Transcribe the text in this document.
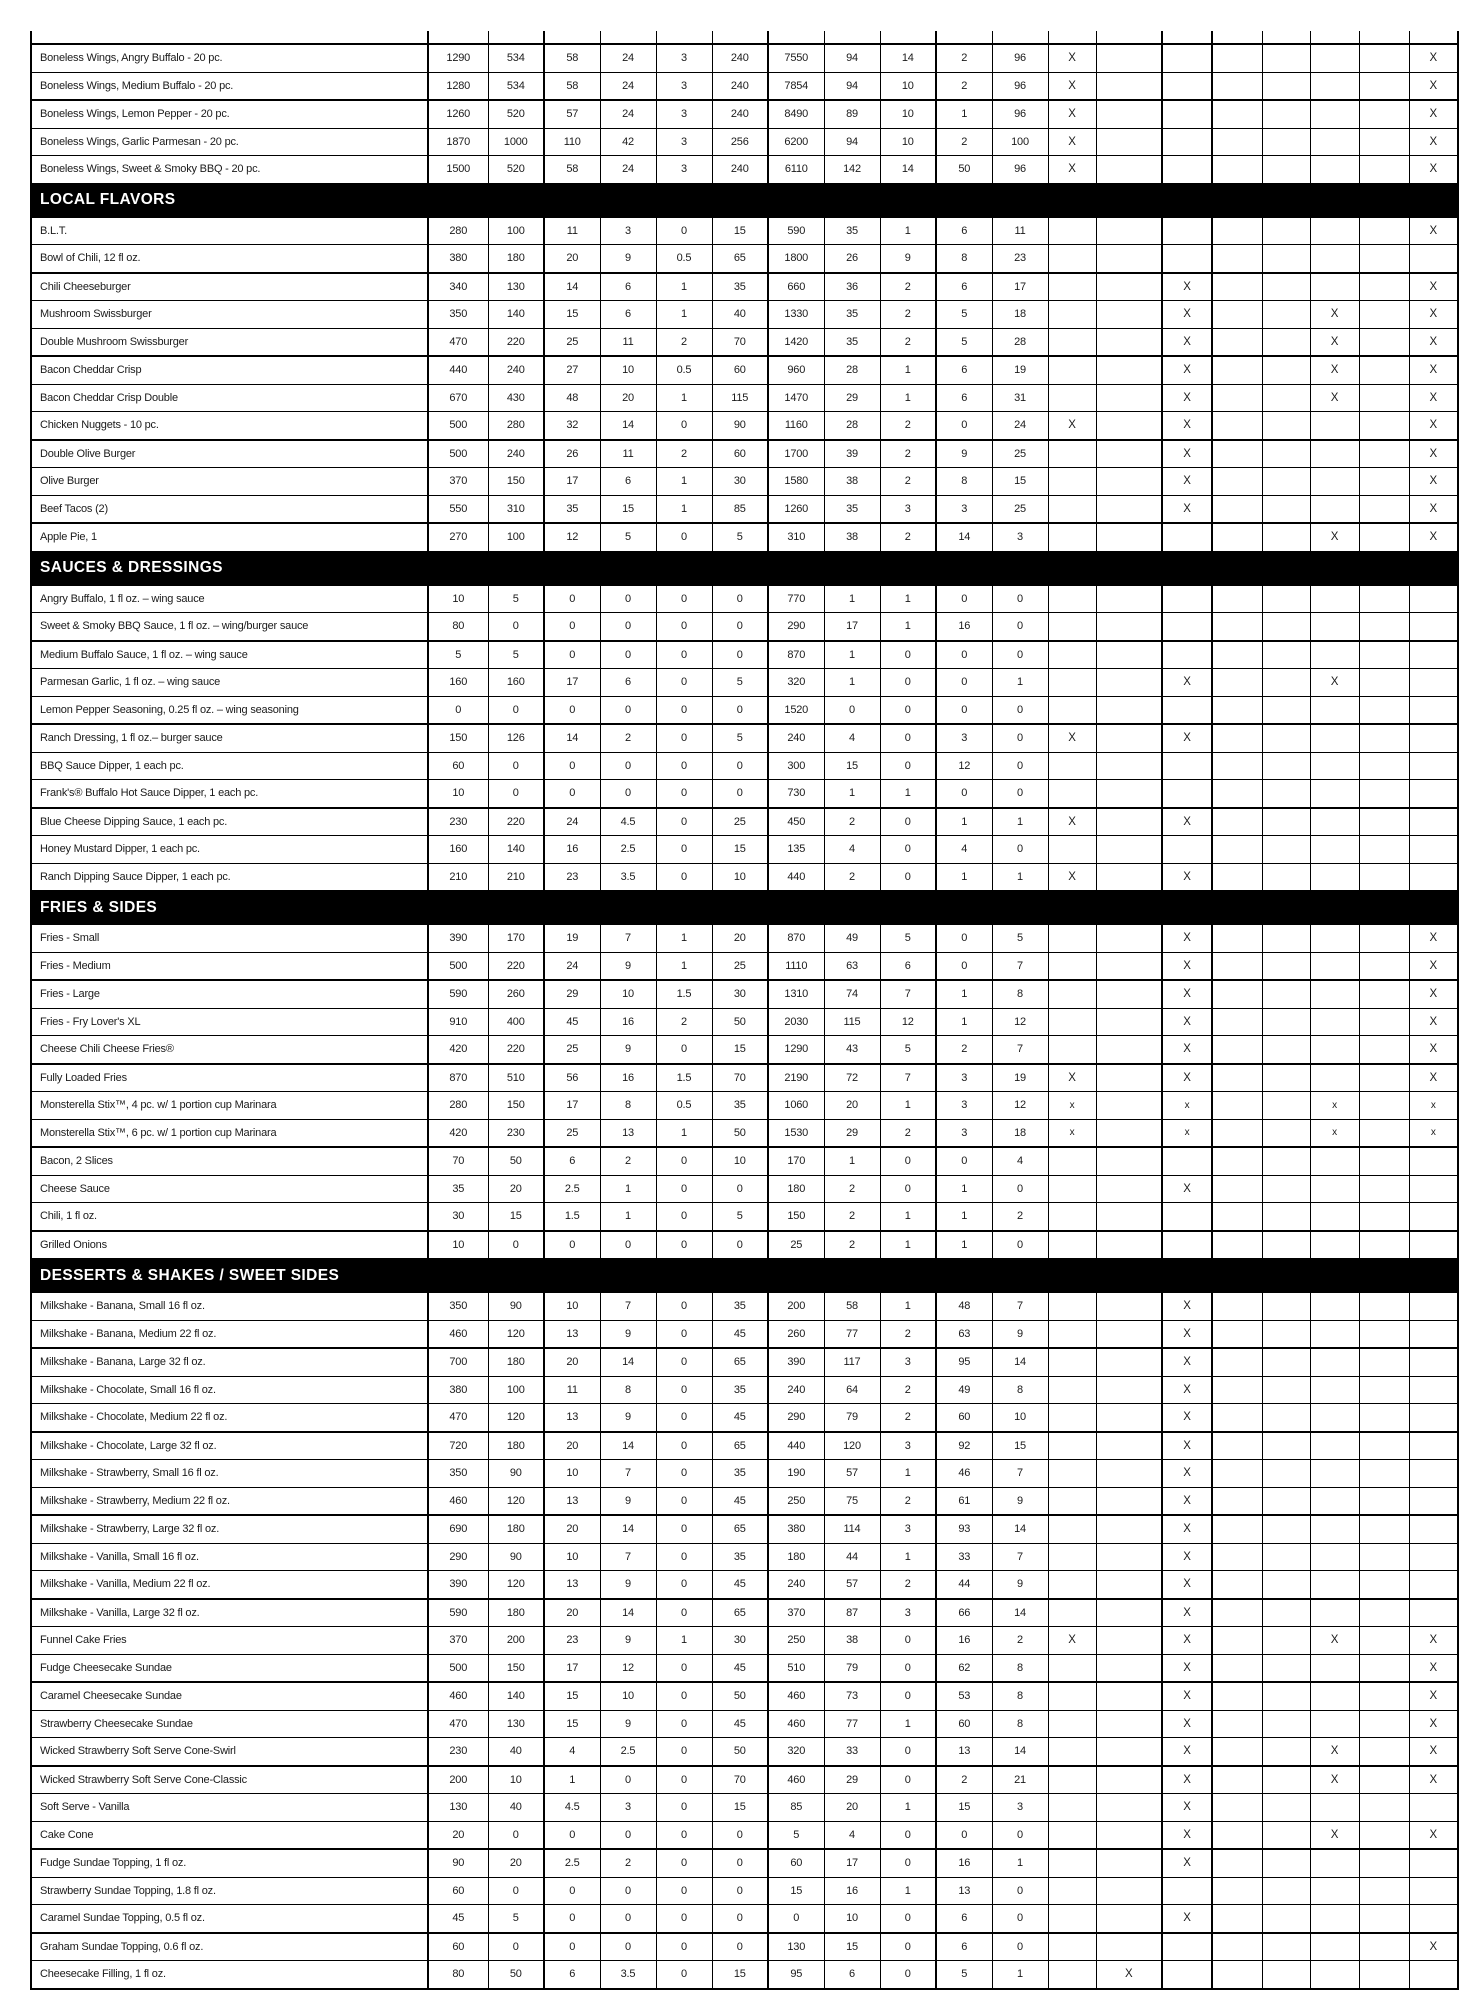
Boneless Wings, Angry Buffalo - 20 pc.	1290	534	58	24	3	240	7550	94	14	2	96	X							X
Boneless Wings, Medium Buffalo - 20 pc.	1280	534	58	24	3	240	7854	94	10	2	96	X							X
Boneless Wings, Lemon Pepper - 20 pc.	1260	520	57	24	3	240	8490	89	10	1	96	X							X
Boneless Wings, Garlic Parmesan - 20 pc.	1870	1000	110	42	3	256	6200	94	10	2	100	X							X
Boneless Wings, Sweet & Smoky BBQ - 20 pc.	1500	520	58	24	3	240	6110	142	14	50	96	X							X

LOCAL FLAVORS																			

B.L.T.	280	100	11	3	0	15	590	35	1	6	11								X
Bowl of Chili, 12 fl oz.	380	180	20	9	0.5	65	1800	26	9	8	23								
Chili Cheeseburger	340	130	14	6	1	35	660	36	2	6	17			X					X
Mushroom Swissburger	350	140	15	6	1	40	1330	35	2	5	18			X			X		X
Double Mushroom Swissburger	470	220	25	11	2	70	1420	35	2	5	28			X			X		X
Bacon Cheddar Crisp	440	240	27	10	0.5	60	960	28	1	6	19			X			X		X
Bacon Cheddar Crisp Double	670	430	48	20	1	115	1470	29	1	6	31			X			X		X
Chicken Nuggets - 10 pc.	500	280	32	14	0	90	1160	28	2	0	24	X		X					X
Double Olive Burger	500	240	26	11	2	60	1700	39	2	9	25			X					X
Olive Burger	370	150	17	6	1	30	1580	38	2	8	15			X					X
Beef Tacos (2)	550	310	35	15	1	85	1260	35	3	3	25			X					X
Apple Pie, 1	270	100	12	5	0	5	310	38	2	14	3						X		X

SAUCES & DRESSINGS																			

Angry Buffalo, 1 fl oz. – wing sauce	10	5	0	0	0	0	770	1	1	0	0								
Sweet & Smoky BBQ Sauce, 1 fl oz. – wing/burger sauce	80	0	0	0	0	0	290	17	1	16	0								
Medium Buffalo Sauce, 1 fl oz. – wing sauce	5	5	0	0	0	0	870	1	0	0	0								
Parmesan Garlic, 1 fl oz. – wing sauce	160	160	17	6	0	5	320	1	0	0	1			X			X		
Lemon Pepper Seasoning, 0.25 fl oz. – wing seasoning	0	0	0	0	0	0	1520	0	0	0	0								
Ranch Dressing, 1 fl oz.– burger sauce	150	126	14	2	0	5	240	4	0	3	0	X		X					
BBQ Sauce Dipper, 1 each pc.	60	0	0	0	0	0	300	15	0	12	0								
Frank's® Buffalo Hot Sauce Dipper, 1 each pc.	10	0	0	0	0	0	730	1	1	0	0								
Blue Cheese Dipping Sauce, 1 each pc.	230	220	24	4.5	0	25	450	2	0	1	1	X		X					
Honey Mustard Dipper, 1 each pc.	160	140	16	2.5	0	15	135	4	0	4	0								
Ranch Dipping Sauce Dipper, 1 each pc.	210	210	23	3.5	0	10	440	2	0	1	1	X		X					

FRIES & SIDES																			

Fries - Small	390	170	19	7	1	20	870	49	5	0	5			X					X
Fries - Medium	500	220	24	9	1	25	1110	63	6	0	7			X					X
Fries - Large	590	260	29	10	1.5	30	1310	74	7	1	8			X					X
Fries - Fry Lover's XL	910	400	45	16	2	50	2030	115	12	1	12			X					X
Cheese Chili Cheese Fries®	420	220	25	9	0	15	1290	43	5	2	7			X					X
Fully Loaded Fries	870	510	56	16	1.5	70	2190	72	7	3	19	X		X					X
Monsterella Stix™, 4 pc. w/ 1 portion cup Marinara	280	150	17	8	0.5	35	1060	20	1	3	12	x		x			x		x
Monsterella Stix™, 6 pc. w/ 1 portion cup Marinara	420	230	25	13	1	50	1530	29	2	3	18	x		x			x		x
Bacon, 2 Slices	70	50	6	2	0	10	170	1	0	0	4								
Cheese Sauce	35	20	2.5	1	0	0	180	2	0	1	0			X					
Chili, 1 fl oz.	30	15	1.5	1	0	5	150	2	1	1	2								
Grilled Onions	10	0	0	0	0	0	25	2	1	1	0								

DESSERTS & SHAKES / SWEET SIDES																			

Milkshake - Banana, Small 16 fl oz.	350	90	10	7	0	35	200	58	1	48	7			X					
Milkshake - Banana, Medium 22 fl oz.	460	120	13	9	0	45	260	77	2	63	9			X					
Milkshake - Banana, Large 32 fl oz.	700	180	20	14	0	65	390	117	3	95	14			X					
Milkshake - Chocolate, Small 16 fl oz.	380	100	11	8	0	35	240	64	2	49	8			X					
Milkshake - Chocolate, Medium 22 fl oz.	470	120	13	9	0	45	290	79	2	60	10			X					
Milkshake - Chocolate, Large 32 fl oz.	720	180	20	14	0	65	440	120	3	92	15			X					
Milkshake - Strawberry, Small 16 fl oz.	350	90	10	7	0	35	190	57	1	46	7			X					
Milkshake - Strawberry, Medium 22 fl oz.	460	120	13	9	0	45	250	75	2	61	9			X					
Milkshake - Strawberry, Large 32 fl oz.	690	180	20	14	0	65	380	114	3	93	14			X					
Milkshake - Vanilla, Small 16 fl oz.	290	90	10	7	0	35	180	44	1	33	7			X					
Milkshake - Vanilla, Medium 22 fl oz.	390	120	13	9	0	45	240	57	2	44	9			X					
Milkshake - Vanilla, Large 32 fl oz.	590	180	20	14	0	65	370	87	3	66	14			X					
Funnel Cake Fries	370	200	23	9	1	30	250	38	0	16	2	X		X			X		X
Fudge Cheesecake Sundae	500	150	17	12	0	45	510	79	0	62	8			X					X
Caramel Cheesecake Sundae	460	140	15	10	0	50	460	73	0	53	8			X					X
Strawberry Cheesecake Sundae	470	130	15	9	0	45	460	77	1	60	8			X					X
Wicked Strawberry Soft Serve Cone-Swirl	230	40	4	2.5	0	50	320	33	0	13	14			X			X		X
Wicked Strawberry Soft Serve Cone-Classic	200	10	1	0	0	70	460	29	0	2	21			X			X		X
Soft Serve - Vanilla	130	40	4.5	3	0	15	85	20	1	15	3			X					
Cake Cone	20	0	0	0	0	0	5	4	0	0	0			X			X		X
Fudge Sundae Topping, 1 fl oz.	90	20	2.5	2	0	0	60	17	0	16	1			X					
Strawberry Sundae Topping, 1.8 fl oz.	60	0	0	0	0	0	15	16	1	13	0								
Caramel Sundae Topping, 0.5 fl oz.	45	5	0	0	0	0	0	10	0	6	0			X					
Graham Sundae Topping, 0.6 fl oz.	60	0	0	0	0	0	130	15	0	6	0								X
Cheesecake Filling, 1 fl oz.	80	50	6	3.5	0	15	95	6	0	5	1		X						
